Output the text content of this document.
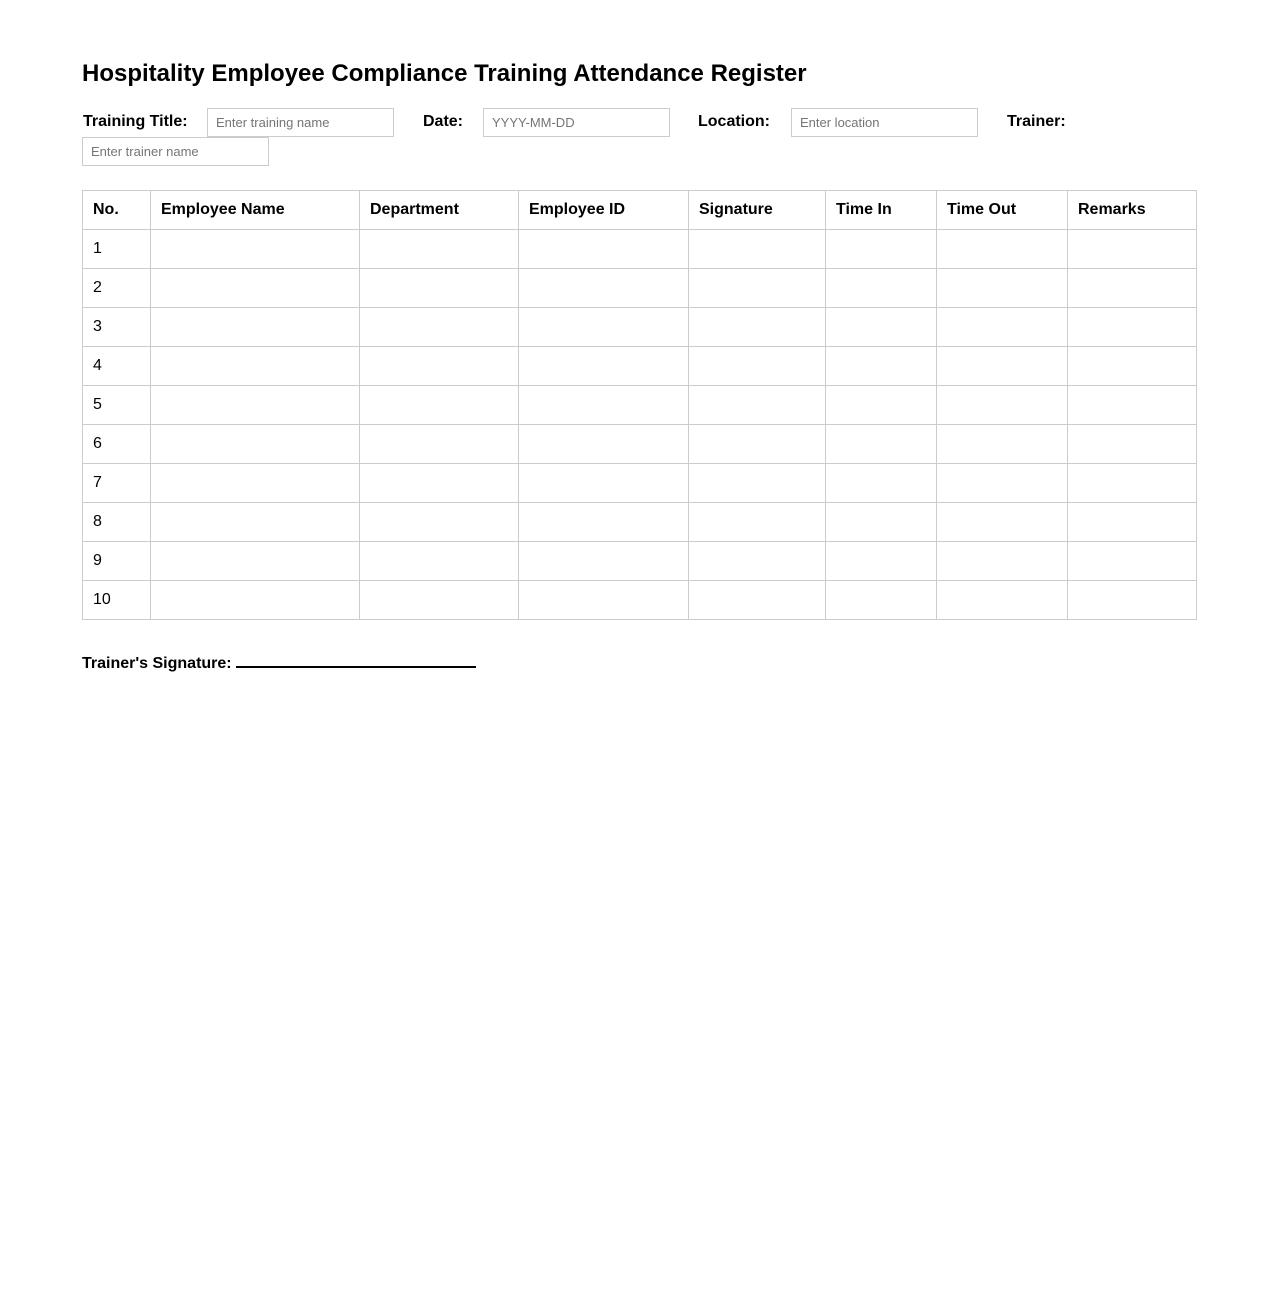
Hospitality Employee Compliance Training Attendance Register
Training Title:
Enter training name	Date:
YYYY-MM-DD	Location:
Enter location	Trainer:
Enter trainer name
No.	Employee Name	Department	Employee ID	Signature	Time In	Time Out	Remarks
1							
2							
3							
4							
5							
6							
7							
8							
9							
10							
Trainer's Signature:
